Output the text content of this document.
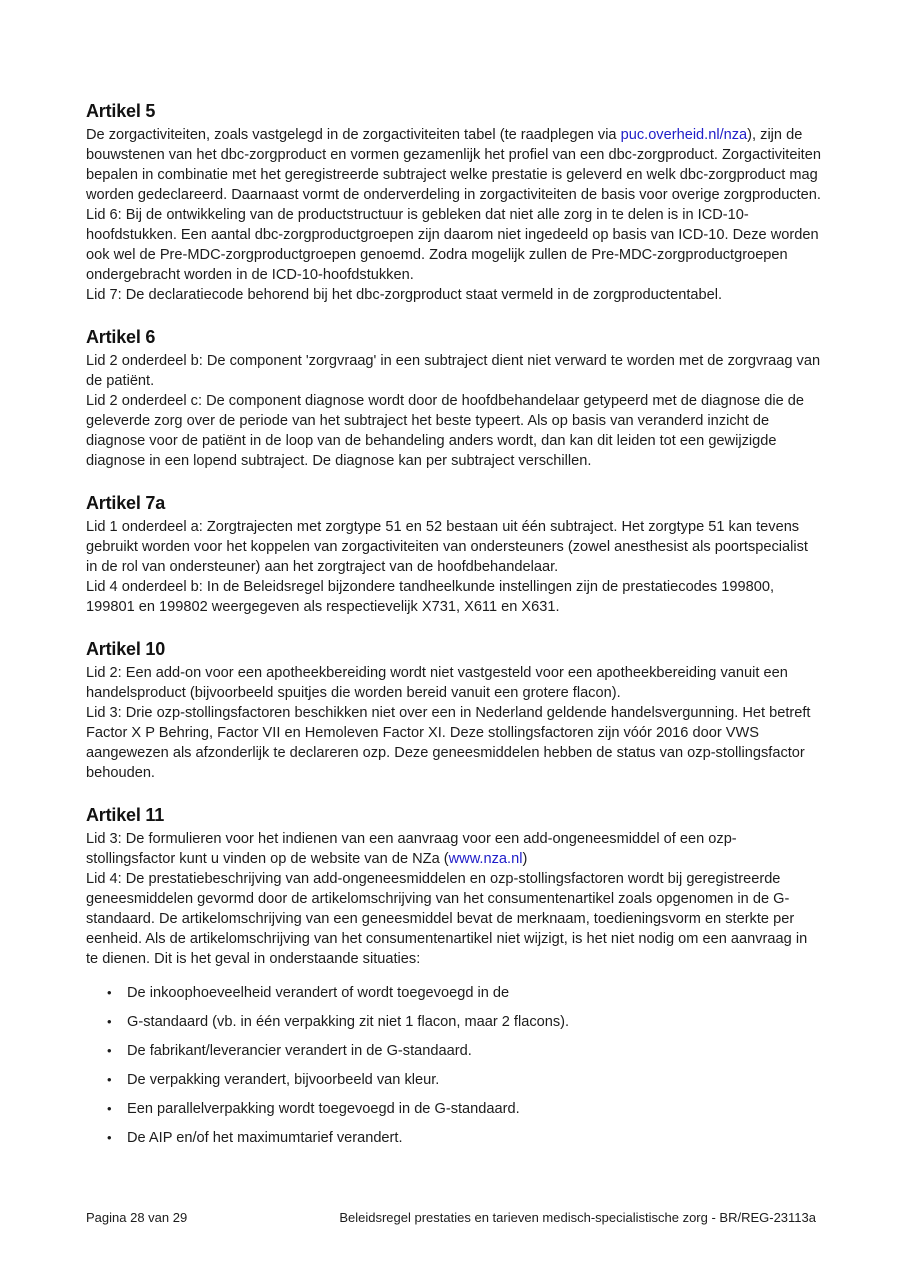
Artikel 5

De zorgactiviteiten, zoals vastgelegd in de zorgactiviteiten tabel (te raadplegen via puc.overheid.nl/nza), zijn de bouwstenen van het dbc-zorgproduct en vormen gezamenlijk het profiel van een dbc-zorgproduct. Zorgactiviteiten bepalen in combinatie met het geregistreerde subtraject welke prestatie is geleverd en welk dbc-zorgproduct mag worden gedeclareerd. Daarnaast vormt de onderverdeling in zorgactiviteiten de basis voor overige zorgproducten.

Lid 6: Bij de ontwikkeling van de productstructuur is gebleken dat niet alle zorg in te delen is in ICD-10-hoofdstukken. Een aantal dbc-zorgproductgroepen zijn daarom niet ingedeeld op basis van ICD-10. Deze worden ook wel de Pre-MDC-zorgproductgroepen genoemd. Zodra mogelijk zullen de Pre-MDC-zorgproductgroepen ondergebracht worden in de ICD-10-hoofdstukken.

Lid 7: De declaratiecode behorend bij het dbc-zorgproduct staat vermeld in de zorgproductentabel.

Artikel 6

Lid 2 onderdeel b: De component 'zorgvraag' in een subtraject dient niet verward te worden met de zorgvraag van de patiënt.

Lid 2 onderdeel c: De component diagnose wordt door de hoofdbehandelaar getypeerd met de diagnose die de geleverde zorg over de periode van het subtraject het beste typeert. Als op basis van veranderd inzicht de diagnose voor de patiënt in de loop van de behandeling anders wordt, dan kan dit leiden tot een gewijzigde diagnose in een lopend subtraject. De diagnose kan per subtraject verschillen.

Artikel 7a

Lid 1 onderdeel a: Zorgtrajecten met zorgtype 51 en 52 bestaan uit één subtraject. Het zorgtype 51 kan tevens gebruikt worden voor het koppelen van zorgactiviteiten van ondersteuners (zowel anesthesist als poortspecialist in de rol van ondersteuner) aan het zorgtraject van de hoofdbehandelaar.

Lid 4 onderdeel b: In de Beleidsregel bijzondere tandheelkunde instellingen zijn de prestatiecodes 199800, 199801 en 199802 weergegeven als respectievelijk X731, X611 en X631.

Artikel 10

Lid 2: Een add-on voor een apotheekbereiding wordt niet vastgesteld voor een apotheekbereiding vanuit een handelsproduct (bijvoorbeeld spuitjes die worden bereid vanuit een grotere flacon).

Lid 3: Drie ozp-stollingsfactoren beschikken niet over een in Nederland geldende handelsvergunning. Het betreft Factor X P Behring, Factor VII en Hemoleven Factor XI. Deze stollingsfactoren zijn vóór 2016 door VWS aangewezen als afzonderlijk te declareren ozp. Deze geneesmiddelen hebben de status van ozp-stollingsfactor behouden.

Artikel 11

Lid 3: De formulieren voor het indienen van een aanvraag voor een add-ongeneesmiddel of een ozp-stollingsfactor kunt u vinden op de website van de NZa (www.nza.nl)

Lid 4: De prestatiebeschrijving van add-ongeneesmiddelen en ozp-stollingsfactoren wordt bij geregistreerde geneesmiddelen gevormd door de artikelomschrijving van het consumentenartikel zoals opgenomen in de G-standaard. De artikelomschrijving van een geneesmiddel bevat de merknaam, toedieningsvorm en sterkte per eenheid. Als de artikelomschrijving van het consumentenartikel niet wijzigt, is het niet nodig om een aanvraag in te dienen. Dit is het geval in onderstaande situaties:

• De inkoophoeveelheid verandert of wordt toegevoegd in de
• G-standaard (vb. in één verpakking zit niet 1 flacon, maar 2 flacons).
• De fabrikant/leverancier verandert in de G-standaard.
• De verpakking verandert, bijvoorbeeld van kleur.
• Een parallelverpakking wordt toegevoegd in de G-standaard.
• De AIP en/of het maximumtarief verandert.
Pagina 28 van 29	Beleidsregel prestaties en tarieven medisch-specialistische zorg - BR/REG-23113a
